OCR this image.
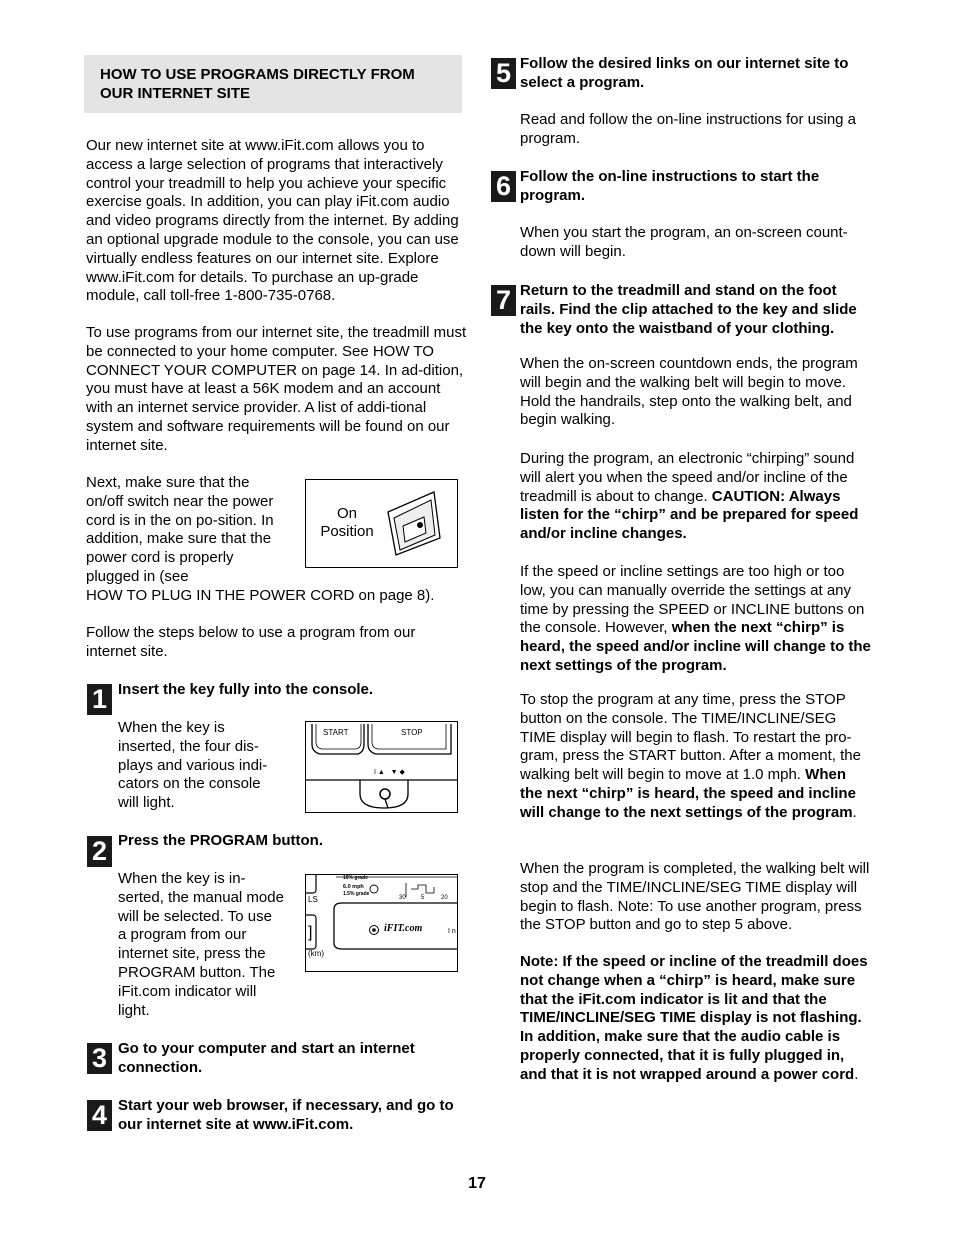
HOW TO USE PROGRAMS DIRECTLY FROM OUR INTERNET SITE

Our new internet site at www.iFit.com allows you to access a large selection of programs that interactively control your treadmill to help you achieve your specific exercise goals. In addition, you can play iFit.com audio and video programs directly from the internet. By adding an optional upgrade module to the console, you can use virtually endless features on our internet site. Explore www.iFit.com for details. To purchase an up-grade module, call toll-free 1-800-735-0768.

To use programs from our internet site, the treadmill must be connected to your home computer. See HOW TO CONNECT YOUR COMPUTER on page 14. In ad-dition, you must have at least a 56K modem and an account with an internet service provider. A list of addi-tional system and software requirements will be found on our internet site.

Next, make sure that the on/off switch near the power cord is in the on po-sition. In addition, make sure that the power cord is properly plugged in (see

HOW TO PLUG IN THE POWER CORD on page 8).

Follow the steps below to use a program from our internet site.

On Position
1 Insert the key fully into the console.

When the key is inserted, the four dis-plays and various indi-cators on the console will light.

I ▲   ▼ ◆
START	STOP
2 Press the PROGRAM button.

When the key is in-serted, the manual mode will be selected. To use a program from our internet site, press the PROGRAM button. The iFit.com indicator will light.

]	I n
LS
10% grade
6.0 mph
1.5% grade
30	5	20
iFIT.com
(km)
3 Go to your computer and start an internet connection.

4 Start your web browser, if necessary, and go to our internet site at www.iFit.com.

5 Follow the desired links on our internet site to select a program.

Read and follow the on-line instructions for using a program.

6 Follow the on-line instructions to start the program.

When you start the program, an on-screen count-down will begin.

7 Return to the treadmill and stand on the foot rails. Find the clip attached to the key and slide the key onto the waistband of your clothing.

When the on-screen countdown ends, the program will begin and the walking belt will begin to move. Hold the handrails, step onto the walking belt, and begin walking.

During the program, an electronic “chirping” sound will alert you when the speed and/or incline of the treadmill is about to change. CAUTION: Always listen for the “chirp” and be prepared for speed and/or incline changes.

If the speed or incline settings are too high or too low, you can manually override the settings at any time by pressing the SPEED or INCLINE buttons on the console. However, when the next “chirp” is heard, the speed and/or incline will change to the next settings of the program.

To stop the program at any time, press the STOP button on the console. The TIME/INCLINE/SEG TIME display will begin to flash. To restart the pro-gram, press the START button. After a moment, the walking belt will begin to move at 1.0 mph. When the next “chirp” is heard, the speed and incline will change to the next settings of the program.

When the program is completed, the walking belt will stop and the TIME/INCLINE/SEG TIME display will begin to flash. Note: To use another program, press the STOP button and go to step 5 above.

Note: If the speed or incline of the treadmill does not change when a “chirp” is heard, make sure that the iFit.com indicator is lit and that the TIME/INCLINE/SEG TIME display is not flashing. In addition, make sure that the audio cable is properly connected, that it is fully plugged in, and that it is not wrapped around a power cord.

17
